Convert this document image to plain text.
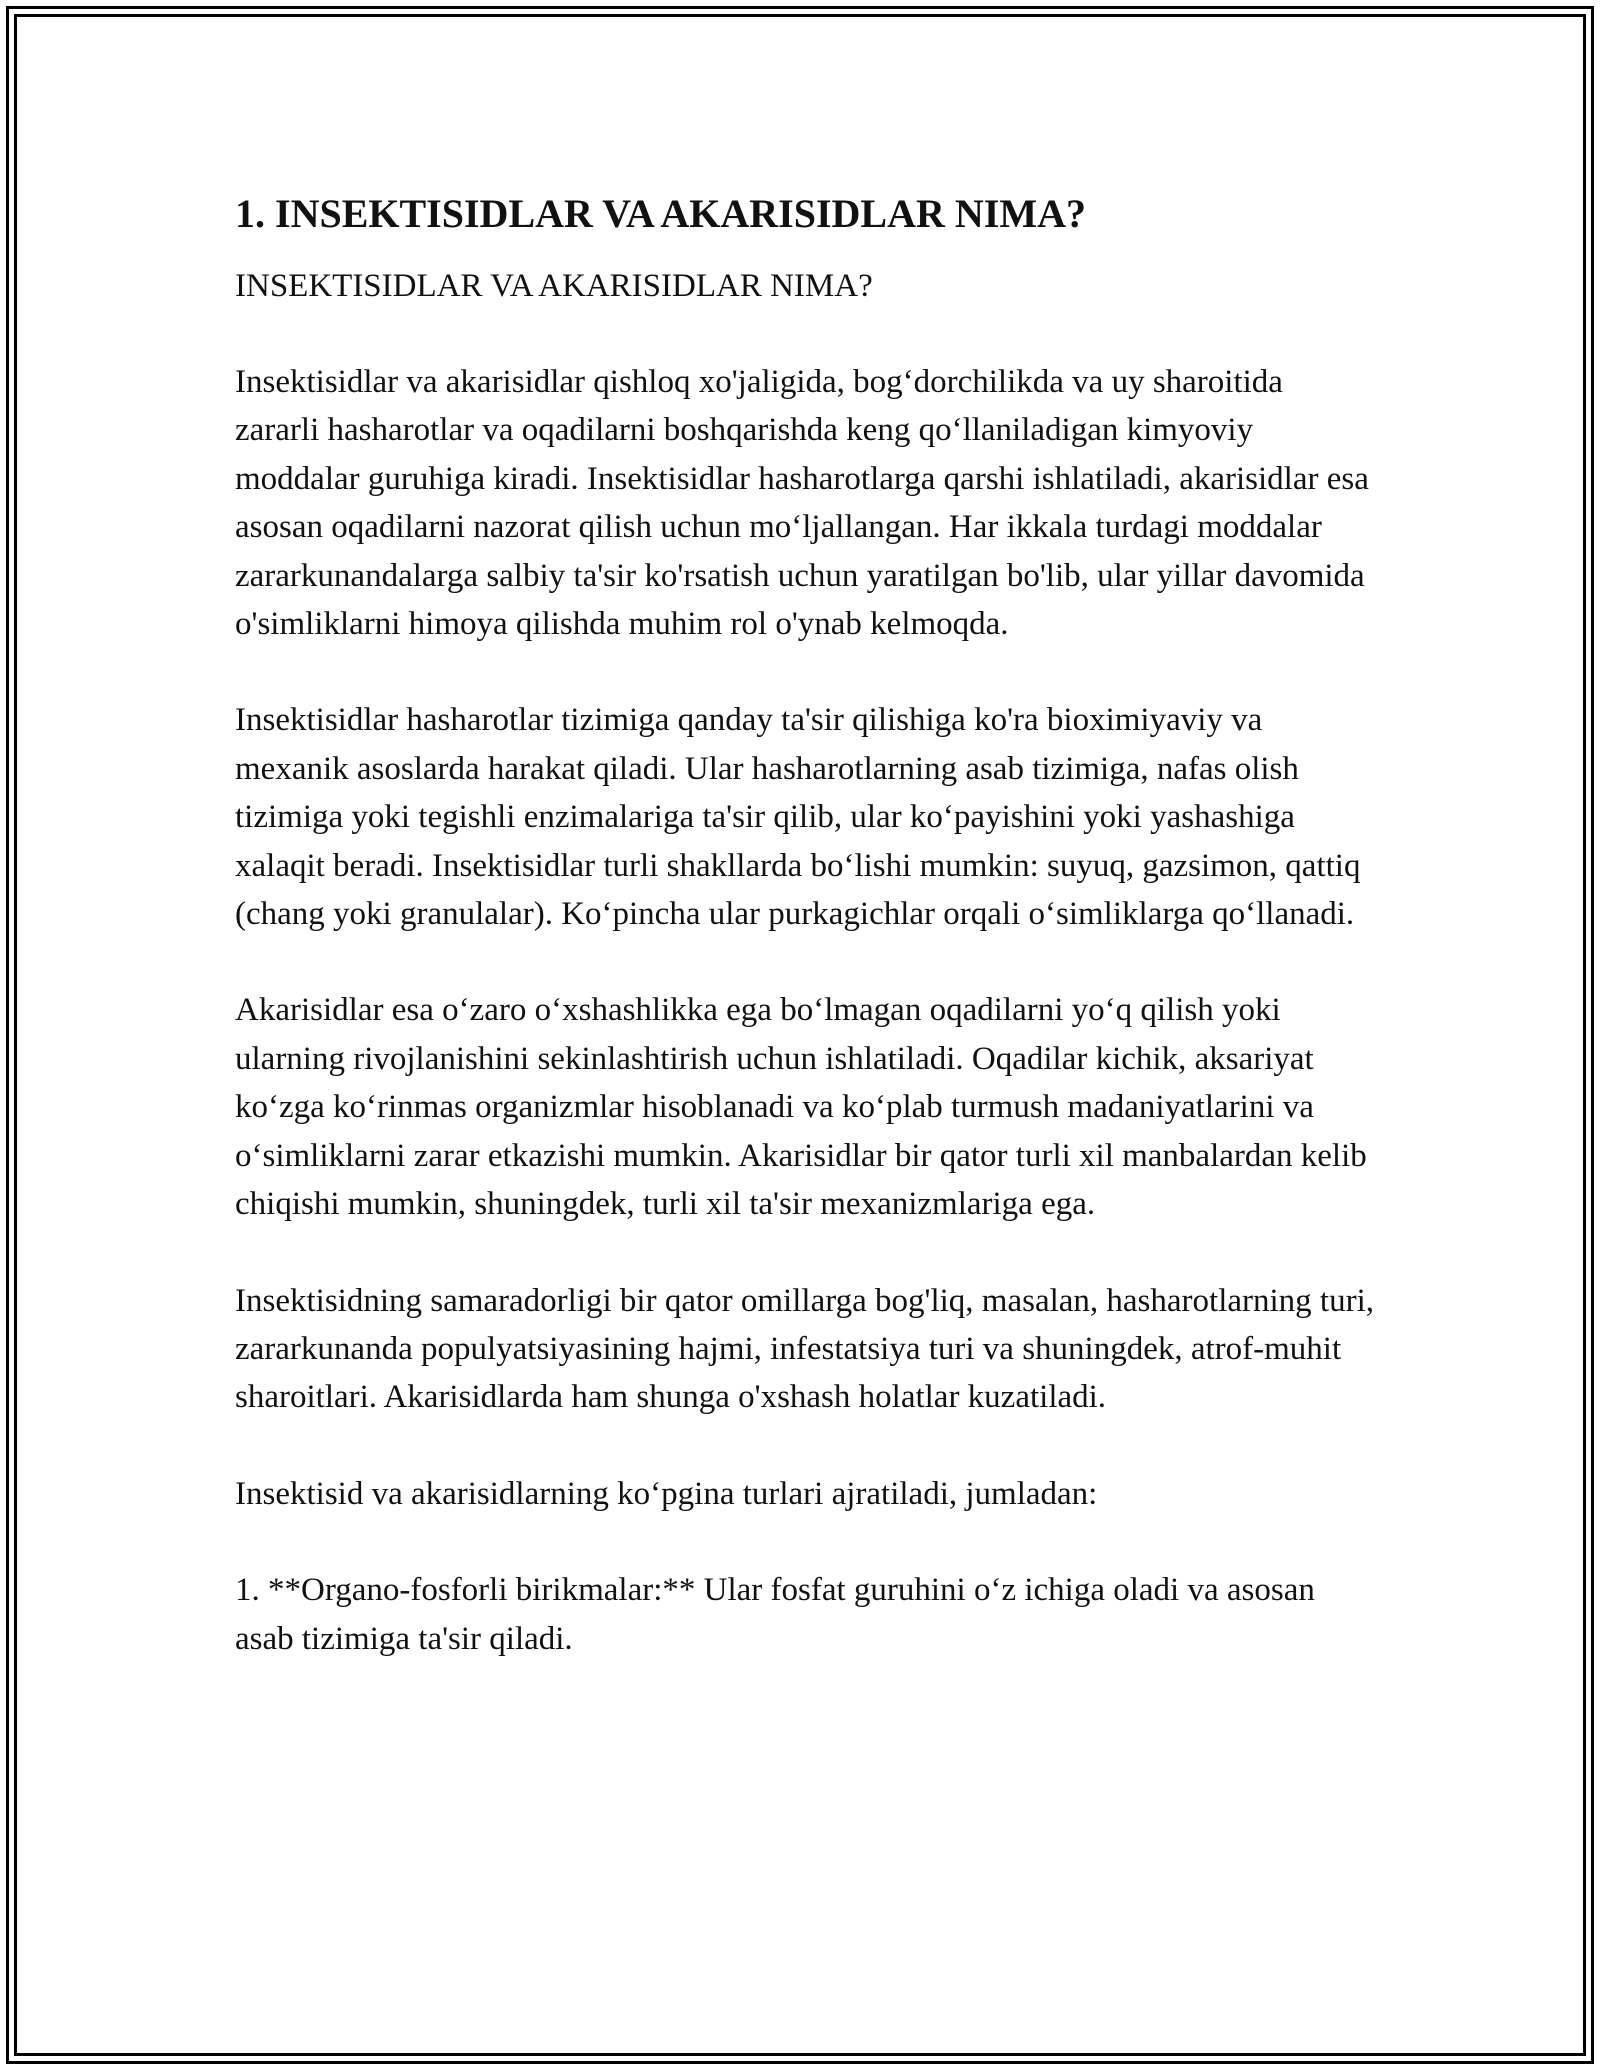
1. INSEKTISIDLAR VA AKARISIDLAR NIMA?
INSEKTISIDLAR VA AKARISIDLAR NIMA?

Insektisidlar va akarisidlar qishloq xo'jaligida, bog‘dorchilikda va uy sharoitida zararli hasharotlar va oqadilarni boshqarishda keng qo‘llaniladigan kimyoviy moddalar guruhiga kiradi. Insektisidlar hasharotlarga qarshi ishlatiladi, akarisidlar esa asosan oqadilarni nazorat qilish uchun mo‘ljallangan. Har ikkala turdagi moddalar zararkunandalarga salbiy ta'sir ko'rsatish uchun yaratilgan bo'lib, ular yillar davomida o'simliklarni himoya qilishda muhim rol o'ynab kelmoqda.

Insektisidlar hasharotlar tizimiga qanday ta'sir qilishiga ko'ra bioximiyaviy va mexanik asoslarda harakat qiladi. Ular hasharotlarning asab tizimiga, nafas olish tizimiga yoki tegishli enzimalariga ta'sir qilib, ular ko‘payishini yoki yashashiga xalaqit beradi. Insektisidlar turli shakllarda bo‘lishi mumkin: suyuq, gazsimon, qattiq (chang yoki granulalar). Ko‘pincha ular purkagichlar orqali o‘simliklarga qo‘llanadi.

Akarisidlar esa o‘zaro o‘xshashlikka ega bo‘lmagan oqadilarni yo‘q qilish yoki ularning rivojlanishini sekinlashtirish uchun ishlatiladi. Oqadilar kichik, aksariyat ko‘zga ko‘rinmas organizmlar hisoblanadi va ko‘plab turmush madaniyatlarini va o‘simliklarni zarar etkazishi mumkin. Akarisidlar bir qator turli xil manbalardan kelib chiqishi mumkin, shuningdek, turli xil ta'sir mexanizmlariga ega.

Insektisidning samaradorligi bir qator omillarga bog'liq, masalan, hasharotlarning turi, zararkunanda populyatsiyasining hajmi, infestatsiya turi va shuningdek, atrof-muhit sharoitlari. Akarisidlarda ham shunga o'xshash holatlar kuzatiladi.

Insektisid va akarisidlarning ko‘pgina turlari ajratiladi, jumladan:

1. **Organo-fosforli birikmalar:** Ular fosfat guruhini o‘z ichiga oladi va asosan asab tizimiga ta'sir qiladi.
